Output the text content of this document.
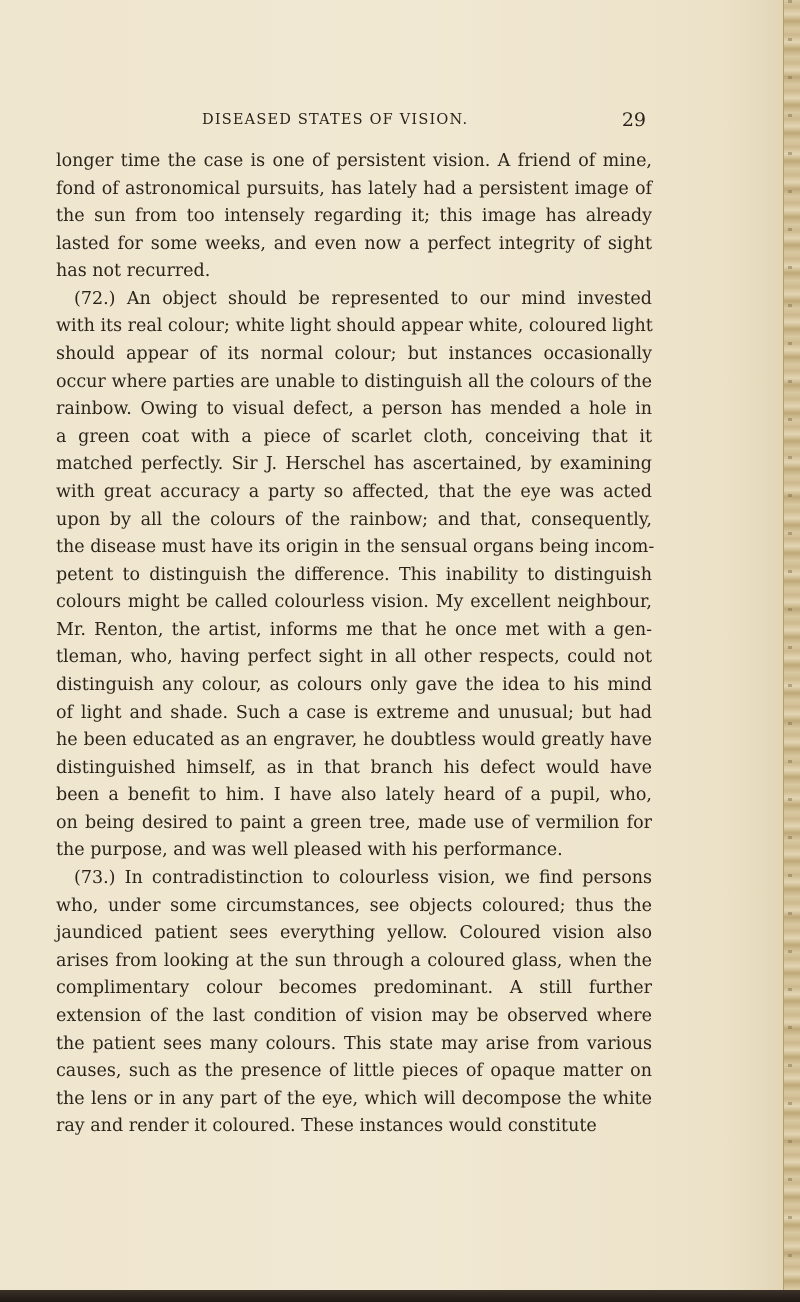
DISEASED STATES OF VISION.	29
longer time the case is one of persistent vision. A friend of mine,
fond of astronomical pursuits, has lately had a persistent image of
the sun from too intensely regarding it; this image has already
lasted for some weeks, and even now a perfect integrity of sight
has not recurred.
(72.) An object should be represented to our mind invested
with its real colour; white light should appear white, coloured light
should appear of its normal colour; but instances occasionally
occur where parties are unable to distinguish all the colours of the
rainbow. Owing to visual defect, a person has mended a hole in
a green coat with a piece of scarlet cloth, conceiving that it
matched perfectly. Sir J. Herschel has ascertained, by examining
with great accuracy a party so affected, that the eye was acted
upon by all the colours of the rainbow; and that, consequently,
the disease must have its origin in the sensual organs being incom-
petent to distinguish the difference. This inability to distinguish
colours might be called colourless vision. My excellent neighbour,
Mr. Renton, the artist, informs me that he once met with a gen-
tleman, who, having perfect sight in all other respects, could not
distinguish any colour, as colours only gave the idea to his mind
of light and shade. Such a case is extreme and unusual; but had
he been educated as an engraver, he doubtless would greatly have
distinguished himself, as in that branch his defect would have
been a benefit to him. I have also lately heard of a pupil, who,
on being desired to paint a green tree, made use of vermilion for
the purpose, and was well pleased with his performance.
(73.) In contradistinction to colourless vision, we find persons
who, under some circumstances, see objects coloured; thus the
jaundiced patient sees everything yellow. Coloured vision also
arises from looking at the sun through a coloured glass, when the
complimentary colour becomes predominant. A still further
extension of the last condition of vision may be observed where
the patient sees many colours. This state may arise from various
causes, such as the presence of little pieces of opaque matter on
the lens or in any part of the eye, which will decompose the white
ray and render it coloured. These instances would constitute
